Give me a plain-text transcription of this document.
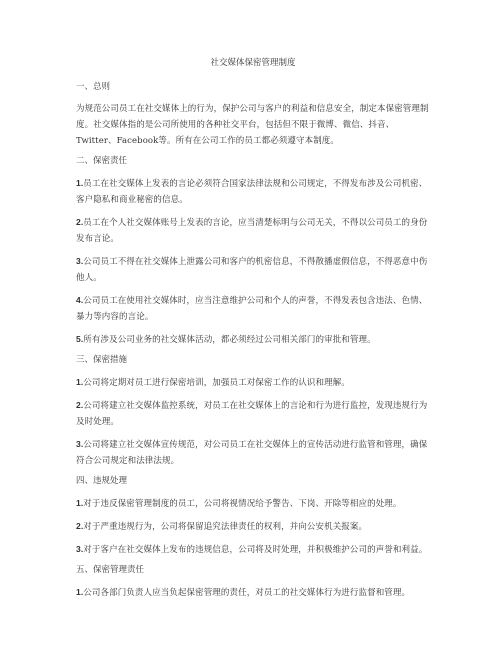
社交媒体保密管理制度
一、总则
为规范公司员工在社交媒体上的行为，保护公司与客户的利益和信息安全，制定本保密管理制度。社交媒体指的是公司所使用的各种社交平台，包括但不限于微博、微信、抖音、Twitter、Facebook等。所有在公司工作的员工都必须遵守本制度。
二、保密责任
1.员工在社交媒体上发表的言论必须符合国家法律法规和公司规定，不得发布涉及公司机密、客户隐私和商业秘密的信息。
2.员工在个人社交媒体账号上发表的言论，应当清楚标明与公司无关，不得以公司员工的身份发布言论。
3.公司员工不得在社交媒体上泄露公司和客户的机密信息，不得散播虚假信息，不得恶意中伤他人。
4.公司员工在使用社交媒体时，应当注意维护公司和个人的声誉，不得发表包含违法、色情、暴力等内容的言论。
5.所有涉及公司业务的社交媒体活动，都必须经过公司相关部门的审批和管理。
三、保密措施
1.公司将定期对员工进行保密培训，加强员工对保密工作的认识和理解。
2.公司将建立社交媒体监控系统，对员工在社交媒体上的言论和行为进行监控，发现违规行为及时处理。
3.公司将建立社交媒体宣传规范，对公司员工在社交媒体上的宣传活动进行监管和管理，确保符合公司规定和法律法规。
四、违规处理
1.对于违反保密管理制度的员工，公司将视情况给予警告、下岗、开除等相应的处理。
2.对于严重违规行为，公司将保留追究法律责任的权利，并向公安机关报案。
3.对于客户在社交媒体上发布的违规信息，公司将及时处理，并积极维护公司的声誉和利益。
五、保密管理责任
1.公司各部门负责人应当负起保密管理的责任，对员工的社交媒体行为进行监督和管理。
